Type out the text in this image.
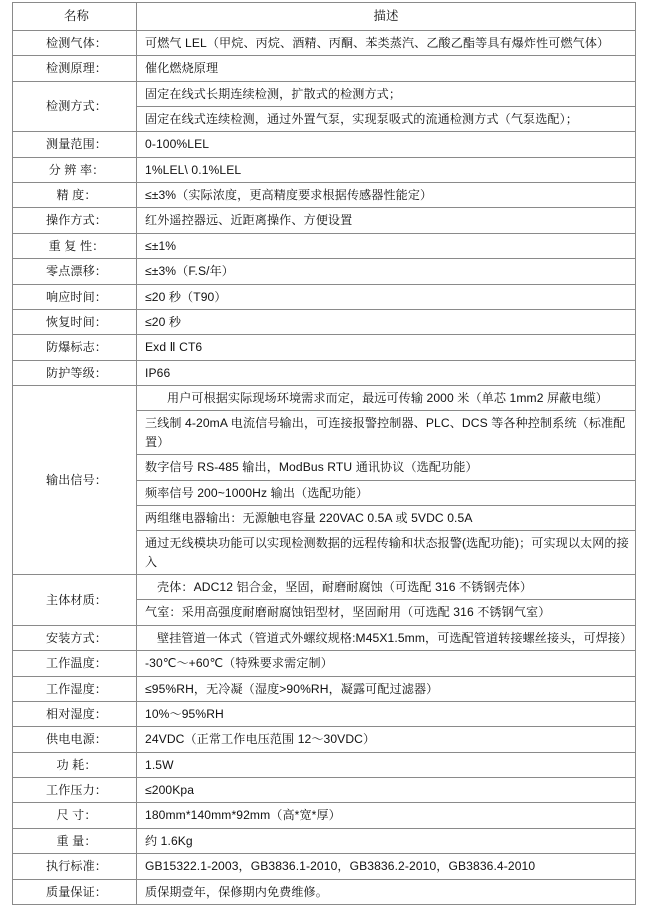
名称	描述
检测气体：	可燃气 LEL（甲烷、丙烷、酒精、丙酮、苯类蒸汽、乙酸乙酯等具有爆炸性可燃气体）
检测原理：	催化燃烧原理
检测方式：	固定在线式长期连续检测，扩散式的检测方式；
	固定在线式连续检测，通过外置气泵，实现泵吸式的流通检测方式（气泵选配）；
测量范围：	0-100%LEL
分 辨 率：	1%LEL\ 0.1%LEL
精 度：	≤±3%（实际浓度，更高精度要求根据传感器性能定）
操作方式：	红外遥控器远、近距离操作、方便设置
重 复 性：	≤±1%
零点漂移：	≤±3%（F.S/年）
响应时间：	≤20 秒（T90）
恢复时间：	≤20 秒
防爆标志：	Exd Ⅱ CT6
防护等级：	IP66
输出信号：	用户可根据实际现场环境需求而定，最远可传输 2000 米（单芯 1mm2 屏蔽电缆）
	三线制 4-20mA 电流信号输出，可连接报警控制器、PLC、DCS 等各种控制系统（标准配置）
	数字信号 RS-485 输出，ModBus RTU 通讯协议（选配功能）
	频率信号 200~1000Hz 输出（选配功能）
	两组继电器输出：无源触电容量 220VAC 0.5A 或 5VDC 0.5A
	通过无线模块功能可以实现检测数据的远程传输和状态报警(选配功能)；可实现以太网的接入
主体材质：	壳体：ADC12 铝合金，坚固，耐磨耐腐蚀（可选配 316 不锈钢壳体）
	气室：采用高强度耐磨耐腐蚀铝型材，坚固耐用（可选配 316 不锈钢气室）
安装方式：	壁挂管道一体式（管道式外螺纹规格:M45X1.5mm，可选配管道转接螺丝接头，可焊接）
工作温度：	-30℃～+60℃（特殊要求需定制）
工作湿度：	≤95%RH，无冷凝（湿度>90%RH，凝露可配过滤器）
相对湿度：	10%～95%RH
供电电源：	24VDC（正常工作电压范围 12～30VDC）
功 耗：	1.5W
工作压力：	≤200Kpa
尺 寸：	180mm*140mm*92mm（高*宽*厚）
重 量：	约 1.6Kg
执行标准：	GB15322.1-2003，GB3836.1-2010，GB3836.2-2010，GB3836.4-2010
质量保证：	质保期壹年，保修期内免费维修。
